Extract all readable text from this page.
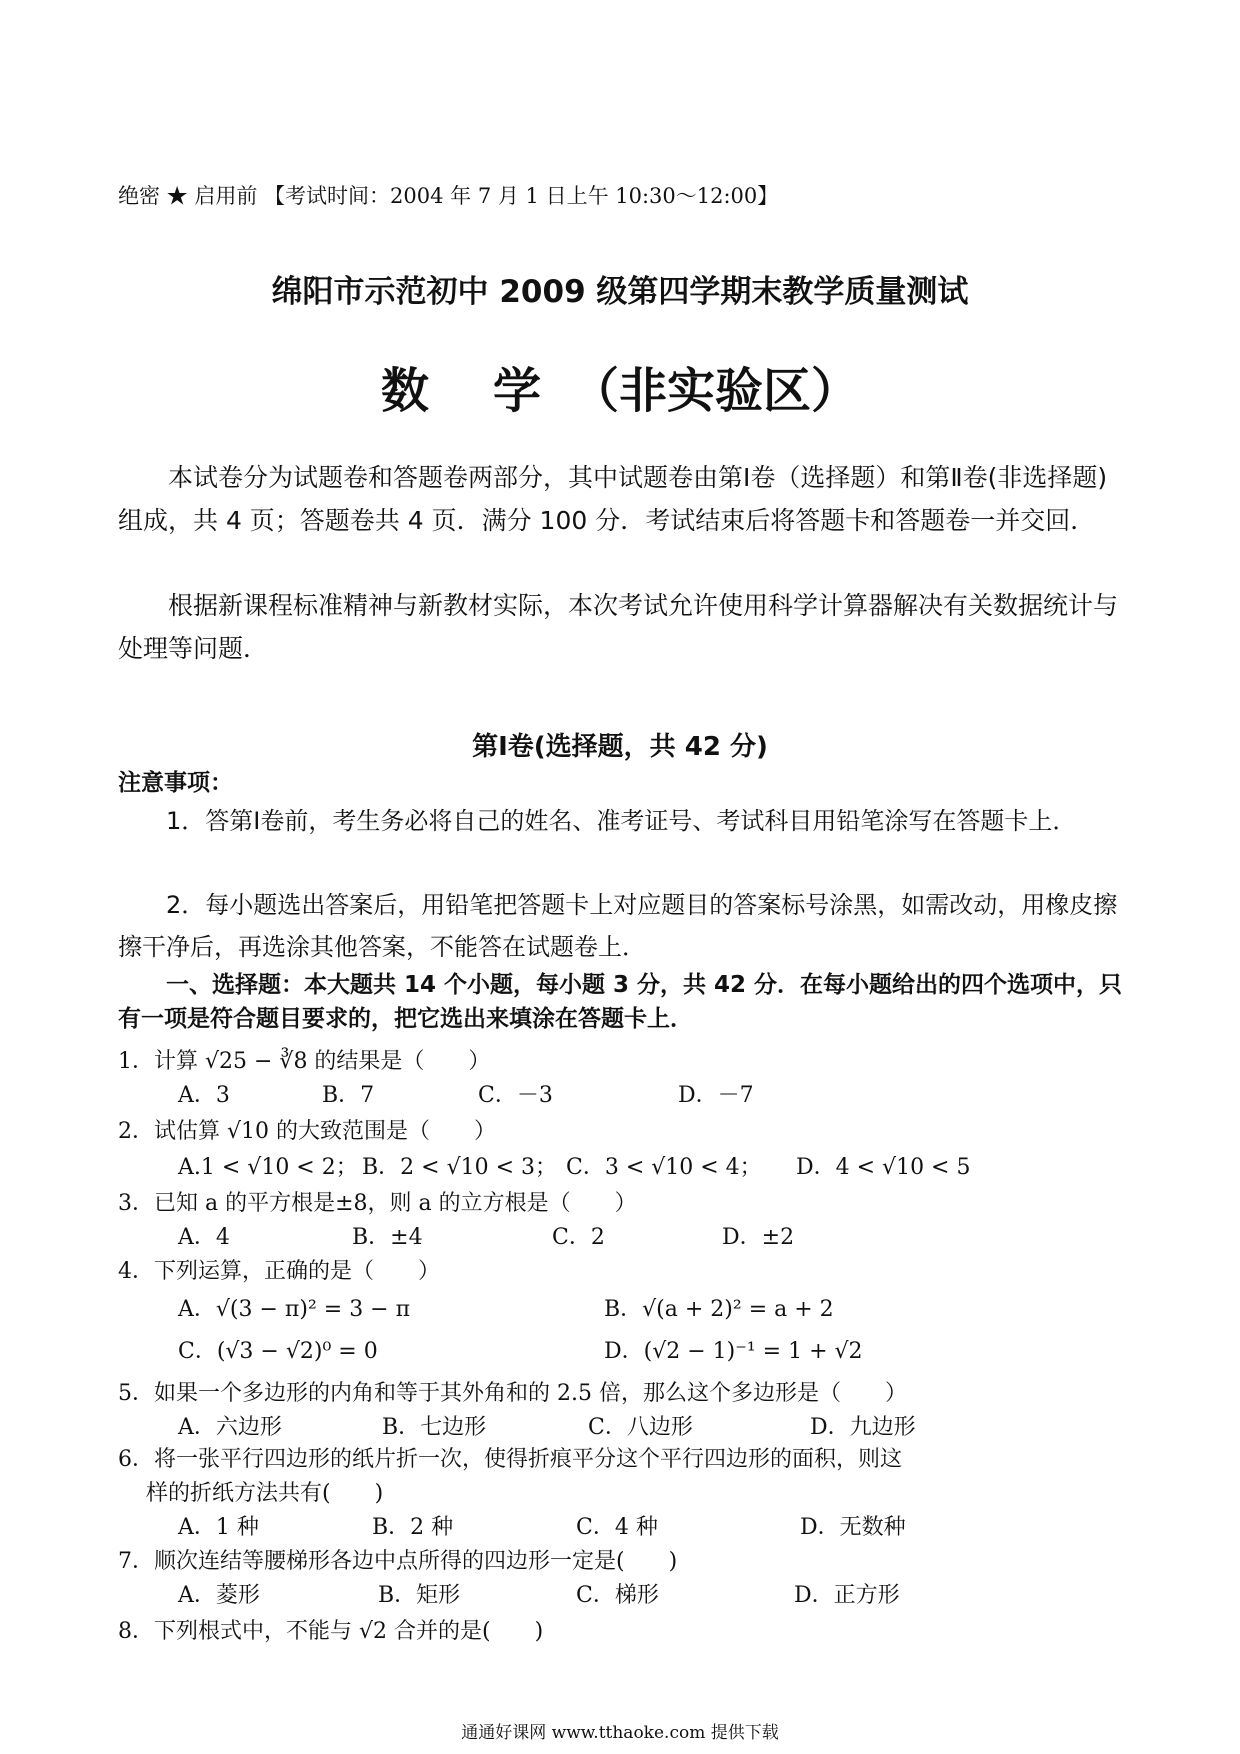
绝密 ★ 启用前 【考试时间：2004 年 7 月 1 日上午 10:30～12:00】
绵阳市示范初中 2009 级第四学期末教学质量测试
数 学 （非实验区）
本试卷分为试题卷和答题卷两部分，其中试题卷由第Ⅰ卷（选择题）和第Ⅱ卷(非选择题) 组成，共 4 页；答题卷共 4 页．满分 100 分．考试结束后将答题卡和答题卷一并交回．
根据新课程标准精神与新教材实际，本次考试允许使用科学计算器解决有关数据统计与处理等问题．
第Ⅰ卷(选择题，共 42 分)
注意事项：
1．答第Ⅰ卷前，考生务必将自己的姓名、准考证号、考试科目用铅笔涂写在答题卡上．
2．每小题选出答案后，用铅笔把答题卡上对应题目的答案标号涂黑，如需改动，用橡皮擦擦干净后，再选涂其他答案，不能答在试题卷上．
一、选择题：本大题共 14 个小题，每小题 3 分，共 42 分．在每小题给出的四个选项中，只有一项是符合题目要求的，把它选出来填涂在答题卡上．
1．计算 √25 − ∛8 的结果是（　　）
A．3	B．7	C．－3	D．－7
2．试估算 √10 的大致范围是（　　）
A.1 < √10 < 2； B．2 < √10 < 3； C．3 < √10 < 4； D．4 < √10 < 5
3．已知 a 的平方根是±8，则 a 的立方根是（　　）
A．4	B．±4	C．2	D．±2
4．下列运算，正确的是（　　）
A．√(3 − π)² = 3 − π	B．√(a + 2)² = a + 2
C．(√3 − √2)⁰ = 0	D．(√2 − 1)⁻¹ = 1 + √2
5．如果一个多边形的内角和等于其外角和的 2.5 倍，那么这个多边形是（　　）
A．六边形	B．七边形	C．八边形	D．九边形
6．将一张平行四边形的纸片折一次，使得折痕平分这个平行四边形的面积，则这
样的折纸方法共有(　　)
A．1 种	B．2 种	C．4 种	D．无数种
7．顺次连结等腰梯形各边中点所得的四边形一定是(　　)
A．菱形	B．矩形	C．梯形	D．正方形
8．下列根式中，不能与 √2 合并的是(　　)
通通好课网 www.tthaoke.com 提供下载
